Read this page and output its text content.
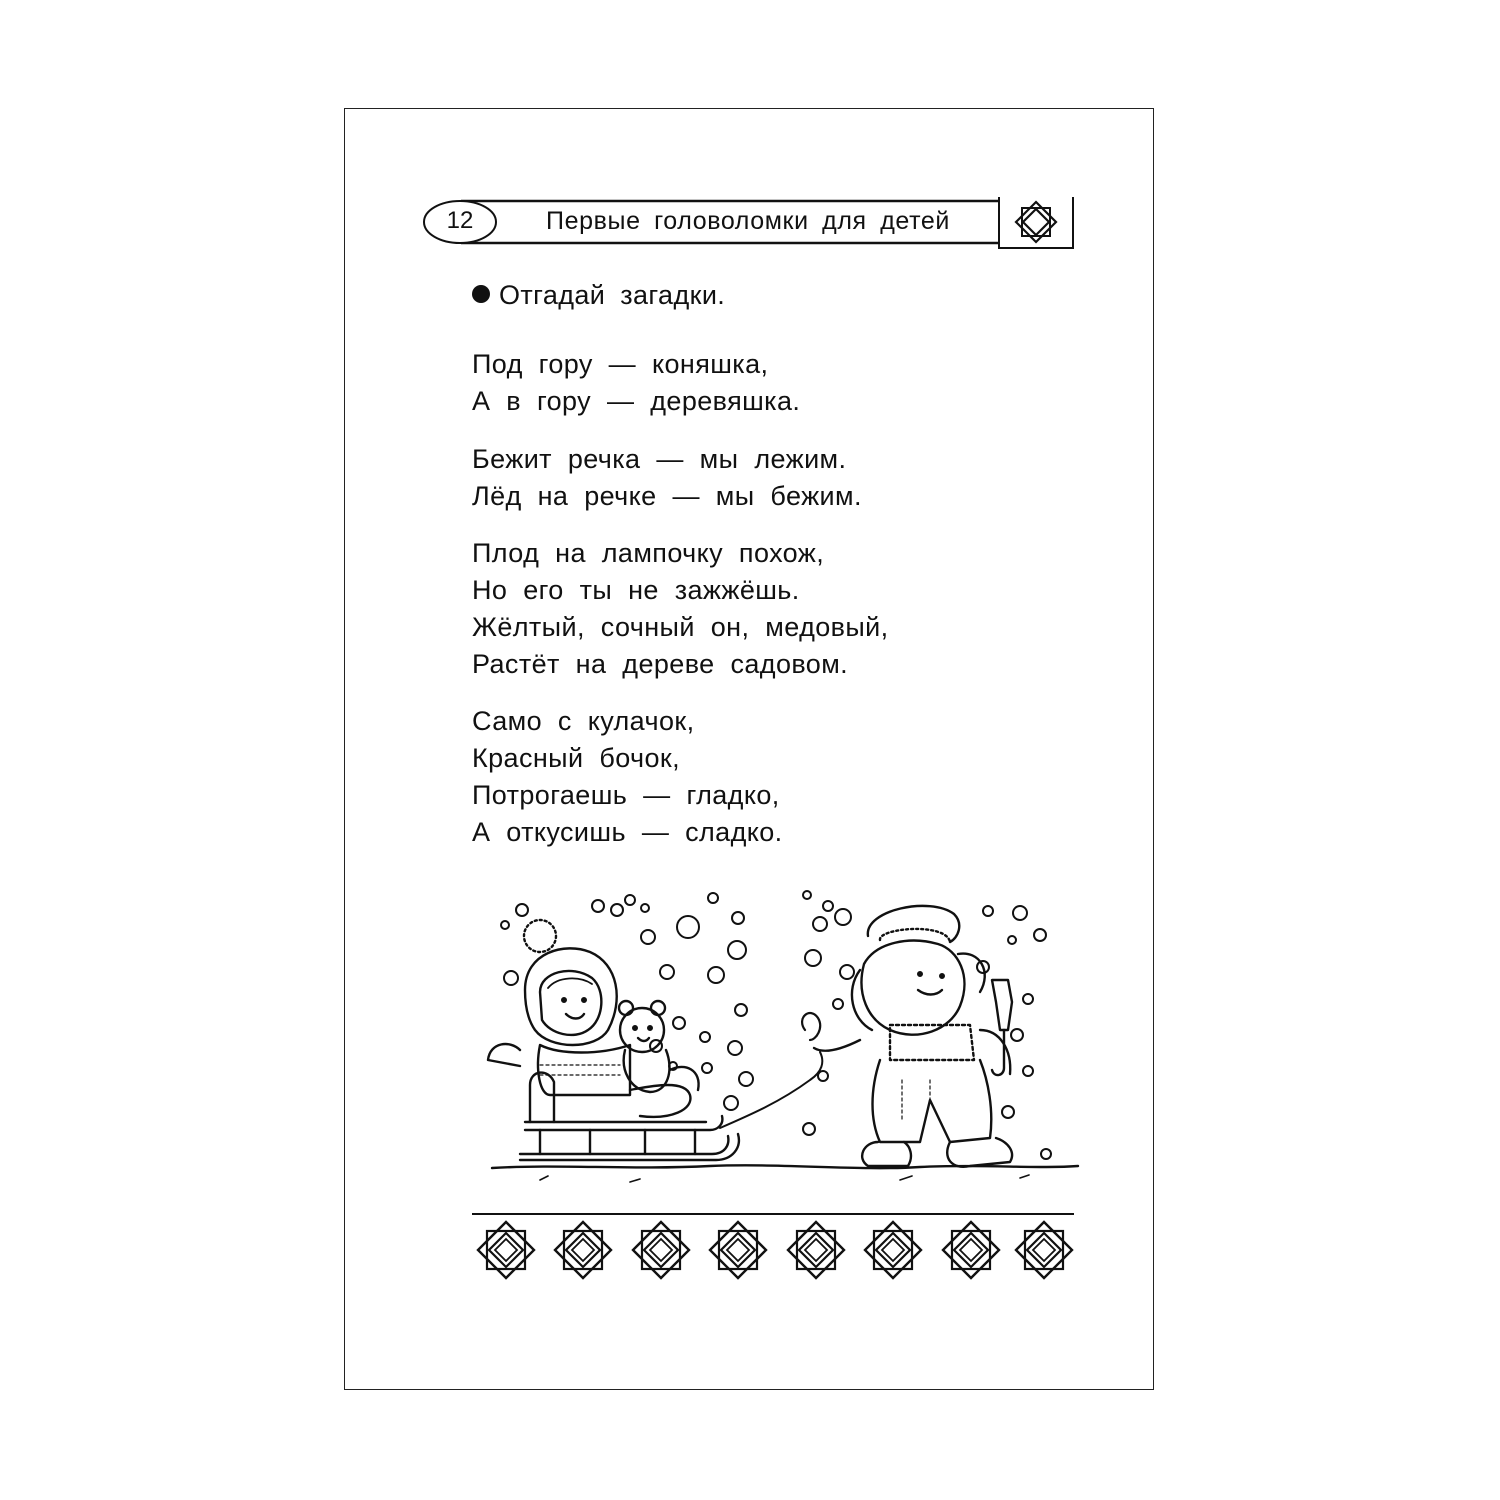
12	Первые головоломки для детей
Отгадай загадки.
Под гору — коняшка,
А в гору — деревяшка.
Бежит речка — мы лежим.
Лёд на речке — мы бежим.
Плод на лампочку похож,
Но его ты не зажжёшь.
Жёлтый, сочный он, медовый,
Растёт на дереве садовом.
Само с кулачок,
Красный бочок,
Потрогаешь — гладко,
А откусишь — сладко.
